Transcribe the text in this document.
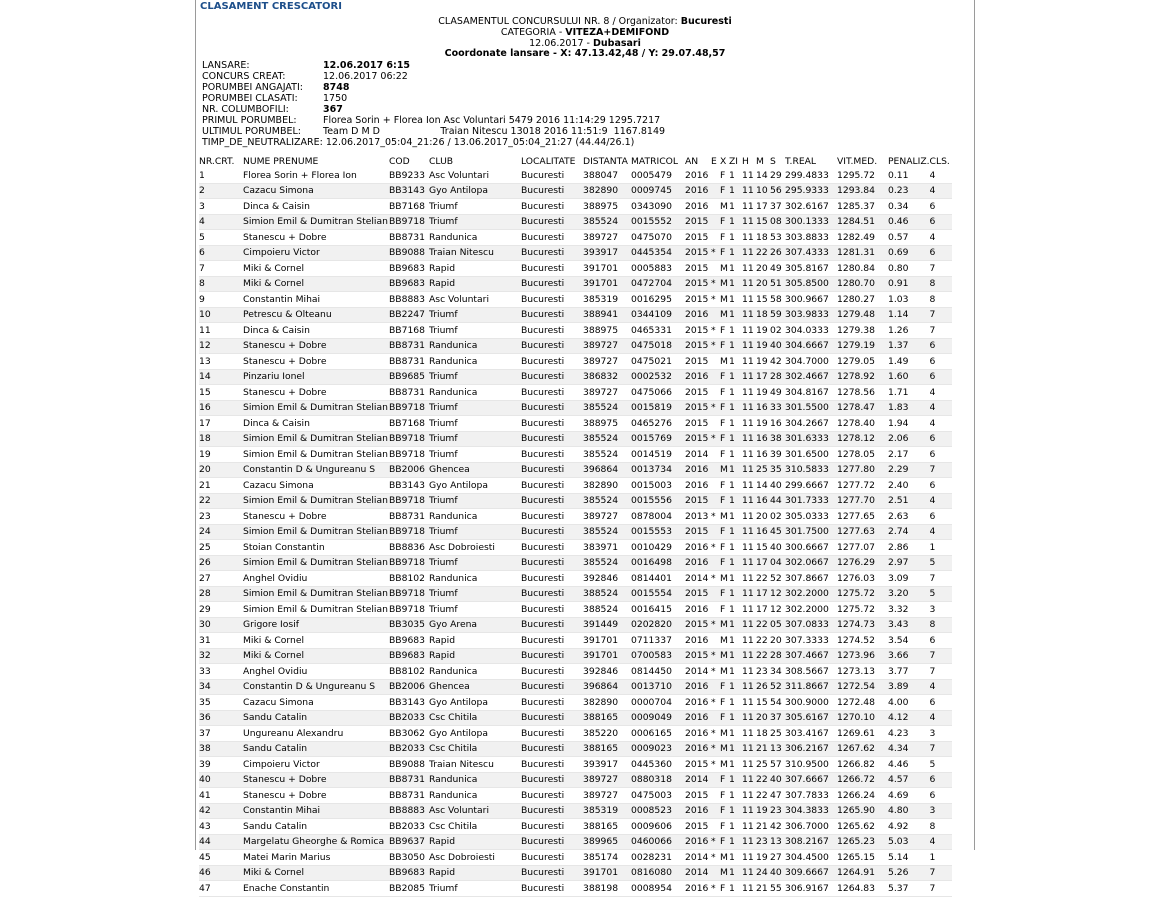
CLASAMENT CRESCATORI
CLASAMENTUL CONCURSULUI NR. 8 / Organizator: Bucuresti
CATEGORIA - VITEZA+DEMIFOND
12.06.2017 - Dubasari
Coordonate lansare - X: 47.13.42,48 / Y: 29.07.48,57
LANSARE:	12.06.2017 6:15
CONCURS CREAT:	12.06.2017 06:22
PORUMBEI ANGAJATI: 8748
PORUMBEI CLASATI:	1750
NR. COLUMBOFILI:	367
PRIMUL PORUMBEL:	Florea Sorin + Florea Ion Asc Voluntari 5479 2016 11:14:29 1295.7217
ULTIMUL PORUMBEL: Team D M D                    Traian Nitescu 13018 2016 11:51:9  1167.8149
TIMP_DE_NEUTRALIZARE: 12.06.2017_05:04_21:26 / 13.06.2017_05:04_21:27 (44.44/26.1)
NR.CRT.	NUME PRENUME	COD	CLUB	LOCALITATE	DISTANTA	MATRICOL	AN	E	X	ZI	H	M	S	T.REAL	VIT.MED.	PENALIZ.	CLS.
1	Florea Sorin + Florea Ion	BB9233	Asc Voluntari	Bucuresti	388047	0005479	2016		F	1	11	14	29	299.4833	1295.72	0.11	4
2	Cazacu Simona	BB3143	Gyo Antilopa	Bucuresti	382890	0009745	2016		F	1	11	10	56	295.9333	1293.84	0.23	4
3	Dinca & Caisin	BB7168	Triumf	Bucuresti	388975	0343090	2016		M	1	11	17	37	302.6167	1285.37	0.34	6
4	Simion Emil & Dumitran Stelian	BB9718	Triumf	Bucuresti	385524	0015552	2015		F	1	11	15	08	300.1333	1284.51	0.46	6
5	Stanescu + Dobre	BB8731	Randunica	Bucuresti	389727	0475070	2015		F	1	11	18	53	303.8833	1282.49	0.57	4
6	Cimpoieru Victor	BB9088	Traian Nitescu	Bucuresti	393917	0445354	2015	*	F	1	11	22	26	307.4333	1281.31	0.69	6
7	Miki & Cornel	BB9683	Rapid	Bucuresti	391701	0005883	2015		M	1	11	20	49	305.8167	1280.84	0.80	7
8	Miki & Cornel	BB9683	Rapid	Bucuresti	391701	0472704	2015	*	M	1	11	20	51	305.8500	1280.70	0.91	8
9	Constantin Mihai	BB8883	Asc Voluntari	Bucuresti	385319	0016295	2015	*	M	1	11	15	58	300.9667	1280.27	1.03	8
10	Petrescu & Olteanu	BB2247	Triumf	Bucuresti	388941	0344109	2016		M	1	11	18	59	303.9833	1279.48	1.14	7
11	Dinca & Caisin	BB7168	Triumf	Bucuresti	388975	0465331	2015	*	F	1	11	19	02	304.0333	1279.38	1.26	7
12	Stanescu + Dobre	BB8731	Randunica	Bucuresti	389727	0475018	2015	*	F	1	11	19	40	304.6667	1279.19	1.37	6
13	Stanescu + Dobre	BB8731	Randunica	Bucuresti	389727	0475021	2015		M	1	11	19	42	304.7000	1279.05	1.49	6
14	Pinzariu Ionel	BB9685	Triumf	Bucuresti	386832	0002532	2016		F	1	11	17	28	302.4667	1278.92	1.60	6
15	Stanescu + Dobre	BB8731	Randunica	Bucuresti	389727	0475066	2015		F	1	11	19	49	304.8167	1278.56	1.71	4
16	Simion Emil & Dumitran Stelian	BB9718	Triumf	Bucuresti	385524	0015819	2015	*	F	1	11	16	33	301.5500	1278.47	1.83	4
17	Dinca & Caisin	BB7168	Triumf	Bucuresti	388975	0465276	2015		F	1	11	19	16	304.2667	1278.40	1.94	4
18	Simion Emil & Dumitran Stelian	BB9718	Triumf	Bucuresti	385524	0015769	2015	*	F	1	11	16	38	301.6333	1278.12	2.06	6
19	Simion Emil & Dumitran Stelian	BB9718	Triumf	Bucuresti	385524	0014519	2014		F	1	11	16	39	301.6500	1278.05	2.17	6
20	Constantin D & Ungureanu S	BB2006	Ghencea	Bucuresti	396864	0013734	2016		M	1	11	25	35	310.5833	1277.80	2.29	7
21	Cazacu Simona	BB3143	Gyo Antilopa	Bucuresti	382890	0015003	2016		F	1	11	14	40	299.6667	1277.72	2.40	6
22	Simion Emil & Dumitran Stelian	BB9718	Triumf	Bucuresti	385524	0015556	2015		F	1	11	16	44	301.7333	1277.70	2.51	4
23	Stanescu + Dobre	BB8731	Randunica	Bucuresti	389727	0878004	2013	*	M	1	11	20	02	305.0333	1277.65	2.63	6
24	Simion Emil & Dumitran Stelian	BB9718	Triumf	Bucuresti	385524	0015553	2015		F	1	11	16	45	301.7500	1277.63	2.74	4
25	Stoian Constantin	BB8836	Asc Dobroiesti	Bucuresti	383971	0010429	2016	*	F	1	11	15	40	300.6667	1277.07	2.86	1
26	Simion Emil & Dumitran Stelian	BB9718	Triumf	Bucuresti	385524	0016498	2016		F	1	11	17	04	302.0667	1276.29	2.97	5
27	Anghel Ovidiu	BB8102	Randunica	Bucuresti	392846	0814401	2014	*	M	1	11	22	52	307.8667	1276.03	3.09	7
28	Simion Emil & Dumitran Stelian	BB9718	Triumf	Bucuresti	388524	0015554	2015		F	1	11	17	12	302.2000	1275.72	3.20	5
29	Simion Emil & Dumitran Stelian	BB9718	Triumf	Bucuresti	388524	0016415	2016		F	1	11	17	12	302.2000	1275.72	3.32	3
30	Grigore Iosif	BB3035	Gyo Arena	Bucuresti	391449	0202820	2015	*	M	1	11	22	05	307.0833	1274.73	3.43	8
31	Miki & Cornel	BB9683	Rapid	Bucuresti	391701	0711337	2016		M	1	11	22	20	307.3333	1274.52	3.54	6
32	Miki & Cornel	BB9683	Rapid	Bucuresti	391701	0700583	2015	*	M	1	11	22	28	307.4667	1273.96	3.66	7
33	Anghel Ovidiu	BB8102	Randunica	Bucuresti	392846	0814450	2014	*	M	1	11	23	34	308.5667	1273.13	3.77	7
34	Constantin D & Ungureanu S	BB2006	Ghencea	Bucuresti	396864	0013710	2016		F	1	11	26	52	311.8667	1272.54	3.89	4
35	Cazacu Simona	BB3143	Gyo Antilopa	Bucuresti	382890	0000704	2016	*	F	1	11	15	54	300.9000	1272.48	4.00	6
36	Sandu Catalin	BB2033	Csc Chitila	Bucuresti	388165	0009049	2016		F	1	11	20	37	305.6167	1270.10	4.12	4
37	Ungureanu Alexandru	BB3062	Gyo Antilopa	Bucuresti	385220	0006165	2016	*	M	1	11	18	25	303.4167	1269.61	4.23	3
38	Sandu Catalin	BB2033	Csc Chitila	Bucuresti	388165	0009023	2016	*	M	1	11	21	13	306.2167	1267.62	4.34	7
39	Cimpoieru Victor	BB9088	Traian Nitescu	Bucuresti	393917	0445360	2015	*	M	1	11	25	57	310.9500	1266.82	4.46	5
40	Stanescu + Dobre	BB8731	Randunica	Bucuresti	389727	0880318	2014		F	1	11	22	40	307.6667	1266.72	4.57	6
41	Stanescu + Dobre	BB8731	Randunica	Bucuresti	389727	0475003	2015		F	1	11	22	47	307.7833	1266.24	4.69	6
42	Constantin Mihai	BB8883	Asc Voluntari	Bucuresti	385319	0008523	2016		F	1	11	19	23	304.3833	1265.90	4.80	3
43	Sandu Catalin	BB2033	Csc Chitila	Bucuresti	388165	0009606	2015		F	1	11	21	42	306.7000	1265.62	4.92	8
44	Margelatu Gheorghe & Romica	BB9637	Rapid	Bucuresti	389965	0460066	2016	*	F	1	11	23	13	308.2167	1265.23	5.03	4
45	Matei Marin Marius	BB3050	Asc Dobroiesti	Bucuresti	385174	0028231	2014	*	M	1	11	19	27	304.4500	1265.15	5.14	1
46	Miki & Cornel	BB9683	Rapid	Bucuresti	391701	0816080	2014		M	1	11	24	40	309.6667	1264.91	5.26	7
47	Enache Constantin	BB2085	Triumf	Bucuresti	388198	0008954	2016	*	F	1	11	21	55	306.9167	1264.83	5.37	7
